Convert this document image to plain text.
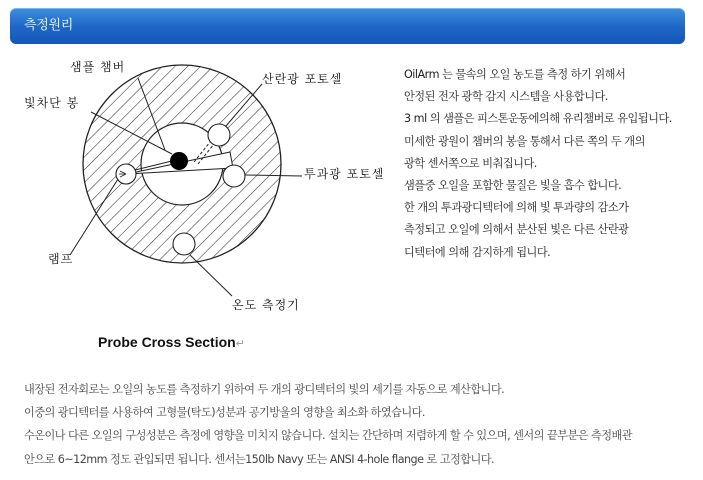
측정원리
샘플 챔버
빛차단 봉
산란광 포토셀
투과광 포토셀
램프
온도 측정기
Probe Cross Section↵

OilArm 는 물속의 오일 농도를 측정 하기 위해서

안정된 전자 광학 감지 시스템을 사용합니다.

3 ml 의 샘플은 피스톤운동에의해 유리챔버로 유입됩니다.

미세한 광원이 챔버의 봉을 통해서 다른 쪽의 두 개의

광학 센서쪽으로 비춰집니다.

샘플중 오일을 포함한 물질은 빛을 흡수 합니다.

한 개의 투과광디텍터에 의해 빛 투과량의 감소가

측정되고 오일에 의해서 분산된 빛은 다른 산란광

디텍터에 의해 감지하게 됩니다.

내장된 전자회로는 오일의 농도를 측정하기 위하여 두 개의 광디텍터의 빛의 세기를 자동으로 계산합니다.

이중의 광디텍터를 사용하여 고형물(탁도)성분과 공기방울의 영향을 최소화 하였습니다.

수온이나 다른 오일의 구성성분은 측정에 영향을 미치지 않습니다. 설치는 간단하며 저렴하게 할 수 있으며, 센서의 끝부분은 측정배관

안으로 6~12mm 정도 관입되면 됩니다. 센서는150lb Navy 또는 ANSI 4-hole flange 로 고정합니다.
